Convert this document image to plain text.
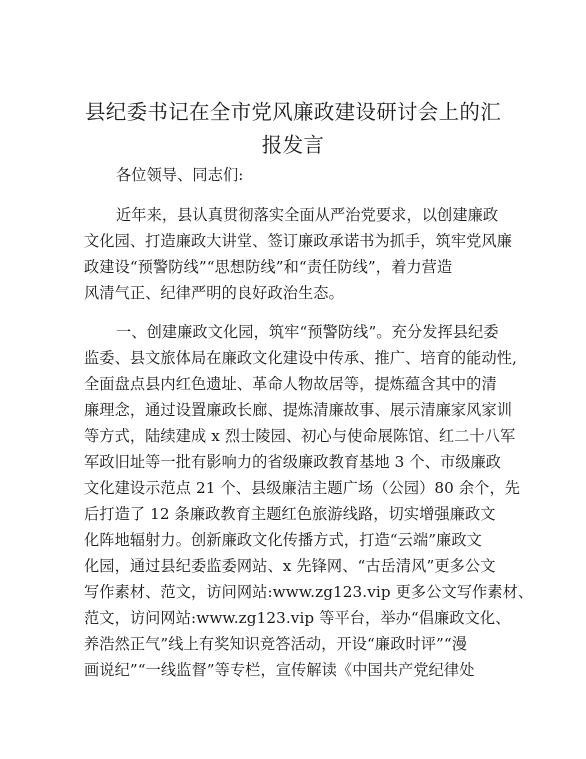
县纪委书记在全市党风廉政建设研讨会上的汇
报发言
各位领导、同志们:
近年来，县认真贯彻落实全面从严治党要求，以创建廉政
文化园、打造廉政大讲堂、签订廉政承诺书为抓手，筑牢党风廉
政建设“预警防线”“思想防线”和“责任防线”，着力营造
风清气正、纪律严明的良好政治生态。
一、创建廉政文化园，筑牢“预警防线”。充分发挥县纪委
监委、县文旅体局在廉政文化建设中传承、推广、培育的能动性,
全面盘点县内红色遗址、革命人物故居等，提炼蕴含其中的清
廉理念，通过设置廉政长廊、提炼清廉故事、展示清廉家风家训
等方式，陆续建成 x 烈士陵园、初心与使命展陈馆、红二十八军
军政旧址等一批有影响力的省级廉政教育基地 3 个、市级廉政
文化建设示范点 21 个、县级廉洁主题广场（公园）80 余个，先
后打造了 12 条廉政教育主题红色旅游线路，切实增强廉政文
化阵地辐射力。创新廉政文化传播方式，打造“云端”廉政文
化园，通过县纪委监委网站、x 先锋网、“古岳清风”更多公文
写作素材、范文，访问网站:www.zg123.vip 更多公文写作素材、
范文，访问网站:www.zg123.vip 等平台，举办“倡廉政文化、
养浩然正气”线上有奖知识竞答活动，开设“廉政时评”“漫
画说纪”“一线监督”等专栏，宣传解读《中国共产党纪律处
